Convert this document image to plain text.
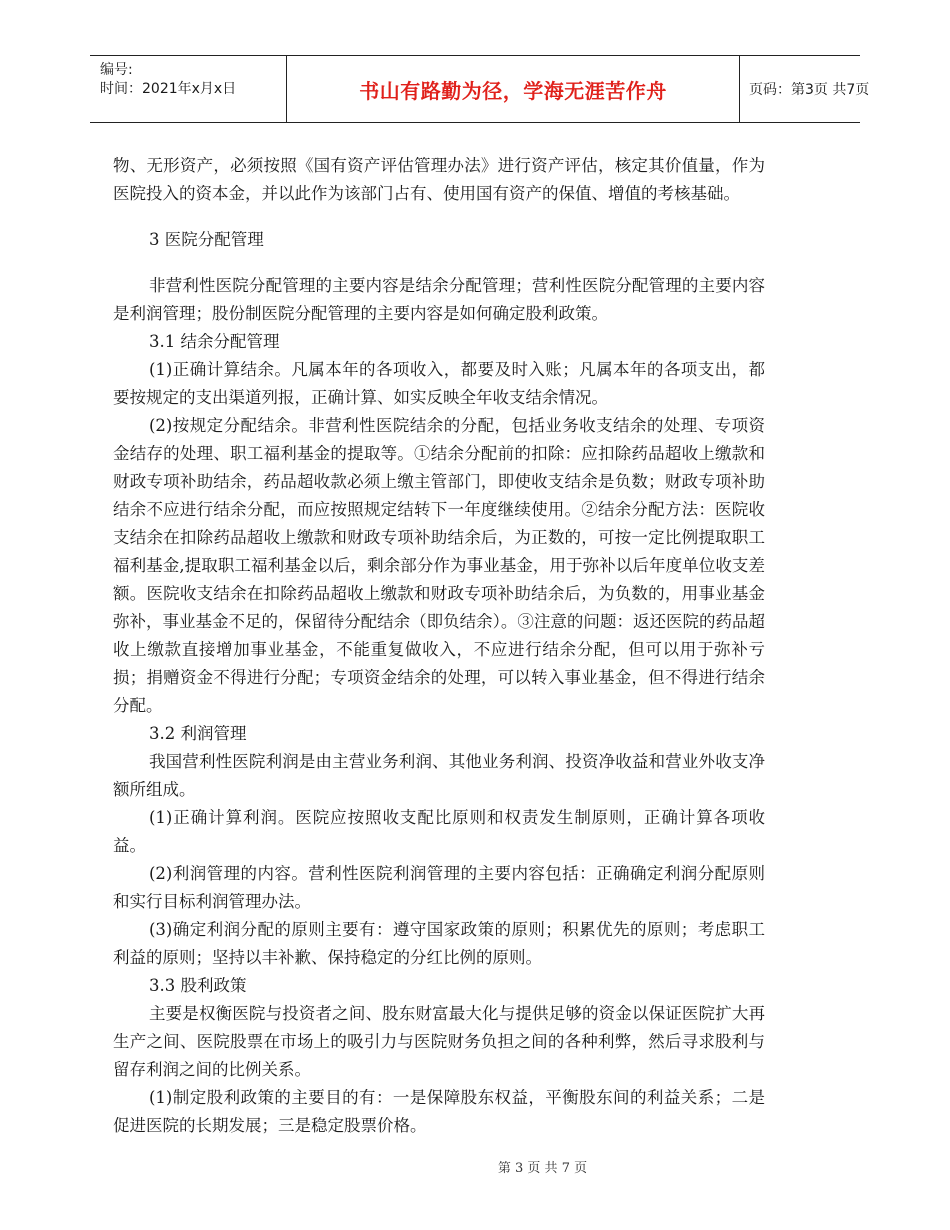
编号:
时间：2021年x月x日	书山有路勤为径，学海无涯苦作舟	页码：第3页 共7页

物、无形资产，必须按照《国有资产评估管理办法》进行资产评估，核定其价值量，作为医院投入的资本金，并以此作为该部门占有、使用国有资产的保值、增值的考核基础。

3 医院分配管理

非营利性医院分配管理的主要内容是结余分配管理；营利性医院分配管理的主要内容是利润管理；股份制医院分配管理的主要内容是如何确定股利政策。

3.1 结余分配管理

(1)正确计算结余。凡属本年的各项收入，都要及时入账；凡属本年的各项支出，都要按规定的支出渠道列报，正确计算、如实反映全年收支结余情况。

(2)按规定分配结余。非营利性医院结余的分配，包括业务收支结余的处理、专项资金结存的处理、职工福利基金的提取等。①结余分配前的扣除：应扣除药品超收上缴款和财政专项补助结余，药品超收款必须上缴主管部门，即使收支结余是负数；财政专项补助结余不应进行结余分配，而应按照规定结转下一年度继续使用。②结余分配方法：医院收支结余在扣除药品超收上缴款和财政专项补助结余后，为正数的，可按一定比例提取职工福利基金,提取职工福利基金以后，剩余部分作为事业基金，用于弥补以后年度单位收支差额。医院收支结余在扣除药品超收上缴款和财政专项补助结余后，为负数的，用事业基金弥补，事业基金不足的，保留待分配结余（即负结余）。③注意的问题：返还医院的药品超收上缴款直接增加事业基金，不能重复做收入，不应进行结余分配，但可以用于弥补亏损；捐赠资金不得进行分配；专项资金结余的处理，可以转入事业基金，但不得进行结余分配。

3.2 利润管理

我国营利性医院利润是由主营业务利润、其他业务利润、投资净收益和营业外收支净额所组成。

(1)正确计算利润。医院应按照收支配比原则和权责发生制原则，正确计算各项收益。

(2)利润管理的内容。营利性医院利润管理的主要内容包括：正确确定利润分配原则和实行目标利润管理办法。

(3)确定利润分配的原则主要有：遵守国家政策的原则；积累优先的原则；考虑职工利益的原则；坚持以丰补歉、保持稳定的分红比例的原则。

3.3 股利政策

主要是权衡医院与投资者之间、股东财富最大化与提供足够的资金以保证医院扩大再生产之间、医院股票在市场上的吸引力与医院财务负担之间的各种利弊，然后寻求股利与留存利润之间的比例关系。

(1)制定股利政策的主要目的有：一是保障股东权益，平衡股东间的利益关系；二是促进医院的长期发展；三是稳定股票价格。

第 3 页 共 7 页
